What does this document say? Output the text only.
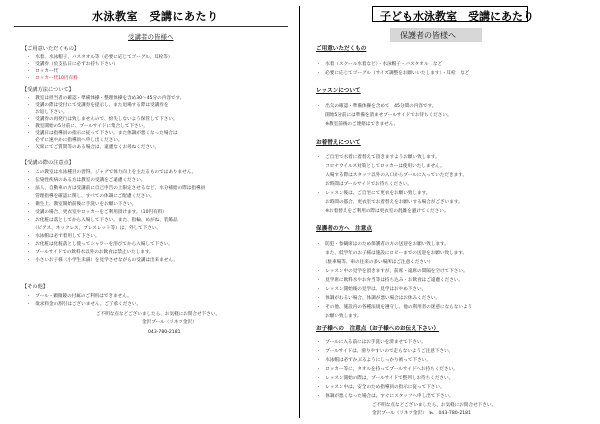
水泳教室　受講にあたり
受講者の皆様へ
【ご用意いただくもの】
・　水着、水泳帽子、バスタオル等（必要に応じてゴーグル、耳栓等）
・　受講券（於支払日に必ずお持ち下さい）
・　ロッカー代
・　ロッカー代10円有料
【受講方法について】
・　教室は担当者の確認・準備体操・整理体操を含め30～45分の内容です。
・　受講の際は受付にて受講券を提示し、また退場する際は受講券を
　　お返し下さい。
・　受講券の再発行は致しませんので、紛失しないよう保管して下さい。
・　教室開始の5分前に、プールサイドに集合して下さい。
・　受講日は指導員の指示に従って下さい。また体調が悪くなった場合は
　　必ずに速やかに指導員へ申し出ください。
・　欠席にてご質問等のある場合は、遠慮なくお尋ねください。
【受講の際の注意点】
・　この教室は水泳種目の習得、ジャグで体力向上を主たるものではありません。
・　伝染性疾病のある方は教室の受講をご遠慮ください。
・　法人、自動車の方は受講前に自己申告の上限定させるなど、水分補給の際は指導員
　　管理指導を確認に関し、すべての体調にご配慮ください。
・　衛生上、教室開始前後に手洗いをお願い下さい。
・　受講の場合、更衣室やロッカーをご利用頂けます。（10円有料）
・　お化粧は落としてから入場して下さい。また、指輪、めがね、装飾品
　　（ピアス、ネックレス、ブレスレット等）は、外して下さい。
・　水泳帽は必ず着用して下さい。
・　お化粧は化粧落とし使ってシャワーを浴びてから入場して下さい。
・　プールサイドでの飲料水以外のお飲食は禁止いたします。
・　小さいお子様（小学生未満）を見学させながらの受講は出来ません。
【その他】
・　プール・顕微鏡の付属のご利用はできません。
・　欲求料金の割引はございません。ご了承ください。
ご不明な点などございましたら、お気軽にお問合せ下さい。
金沢プール（リネツ金沢）
043-780-2181
子ども水泳教室　受講にあたり
保護者の皆様へ
ご用意いただくもの
・　水着（スクール水着など）・水泳帽子・バスタオル　など
・　必要に応じてゴーグル（サイズ調整をお願いいたします）・耳栓　など
レッスンについて
・　出欠の確認・準備体操を含めて　45分間の内容です。
　　開始5分前には準備を済ませプールサイドでお待ちください。
　　※教室前後のご連絡はできません。
お着替えについて
・　ご自宅で水着に着替えて頂きますようお願い致します。
　　コロナウイルス対策としてロッカーは使用いたしません。
　　入場する際はスタッフ以外の入口からプールに入っていただきます。
　　お時間はプールサイドでお待ちください。
・　レッスン後は、ご自宅にて更衣をお願い致します。
　　お時間の都合、更衣室でお着替えをお願いする場合がございます。
　　※お着替えをご利用の際は更衣室の混雑を避けてください。
保護者の方へ　注意点
・　防犯・参観席はのため保護者の方の送迎をお願い致します。
　　また、低学年のお子様は施設にロビーまでの送迎をお願い致します。
　　（駐車場等、車の往来の多い場所はご注意ください）
・　レッスン中の見学を頂きますが、前席・遠席の間隔を空けて下さい。
・　見学席に飲料水やお弁当等は持ち込み・お飲食はご遠慮ください。
・　レッスン開始後の見学は、見学はおやめ下さい。
・　体調がわるい場合、体調が悪い場合はお休みください。
・　その他、施設内の各種法規を遵守し、他の利用者の迷惑にならないよう
　　お願い致します。
お子様への　注意点（お子様へのお伝え下さい）
・　プールに入る前にはお手洗いを済ませて下さい。
・　プールサイドは、滑りやすいので走らないようご注意下さい。
・　水泳帽は必ずかぶるようにしっかり被って下さい。
・　ロッカー等に、タオルを持ってプールサイドへお持ちください。
・　レッスン開始の際は、プールサイドで整列しお待ちください。
・　レッスン中は、安全のため指導員の指示に従って下さい。
・　体調が悪くなった場合は、すぐにスタッフへ申し出て下さい。
ご不明な点などございましたら、お気軽にお問合せ下さい。
金沢プール（リネツ金沢）　℡　043-780-2181
